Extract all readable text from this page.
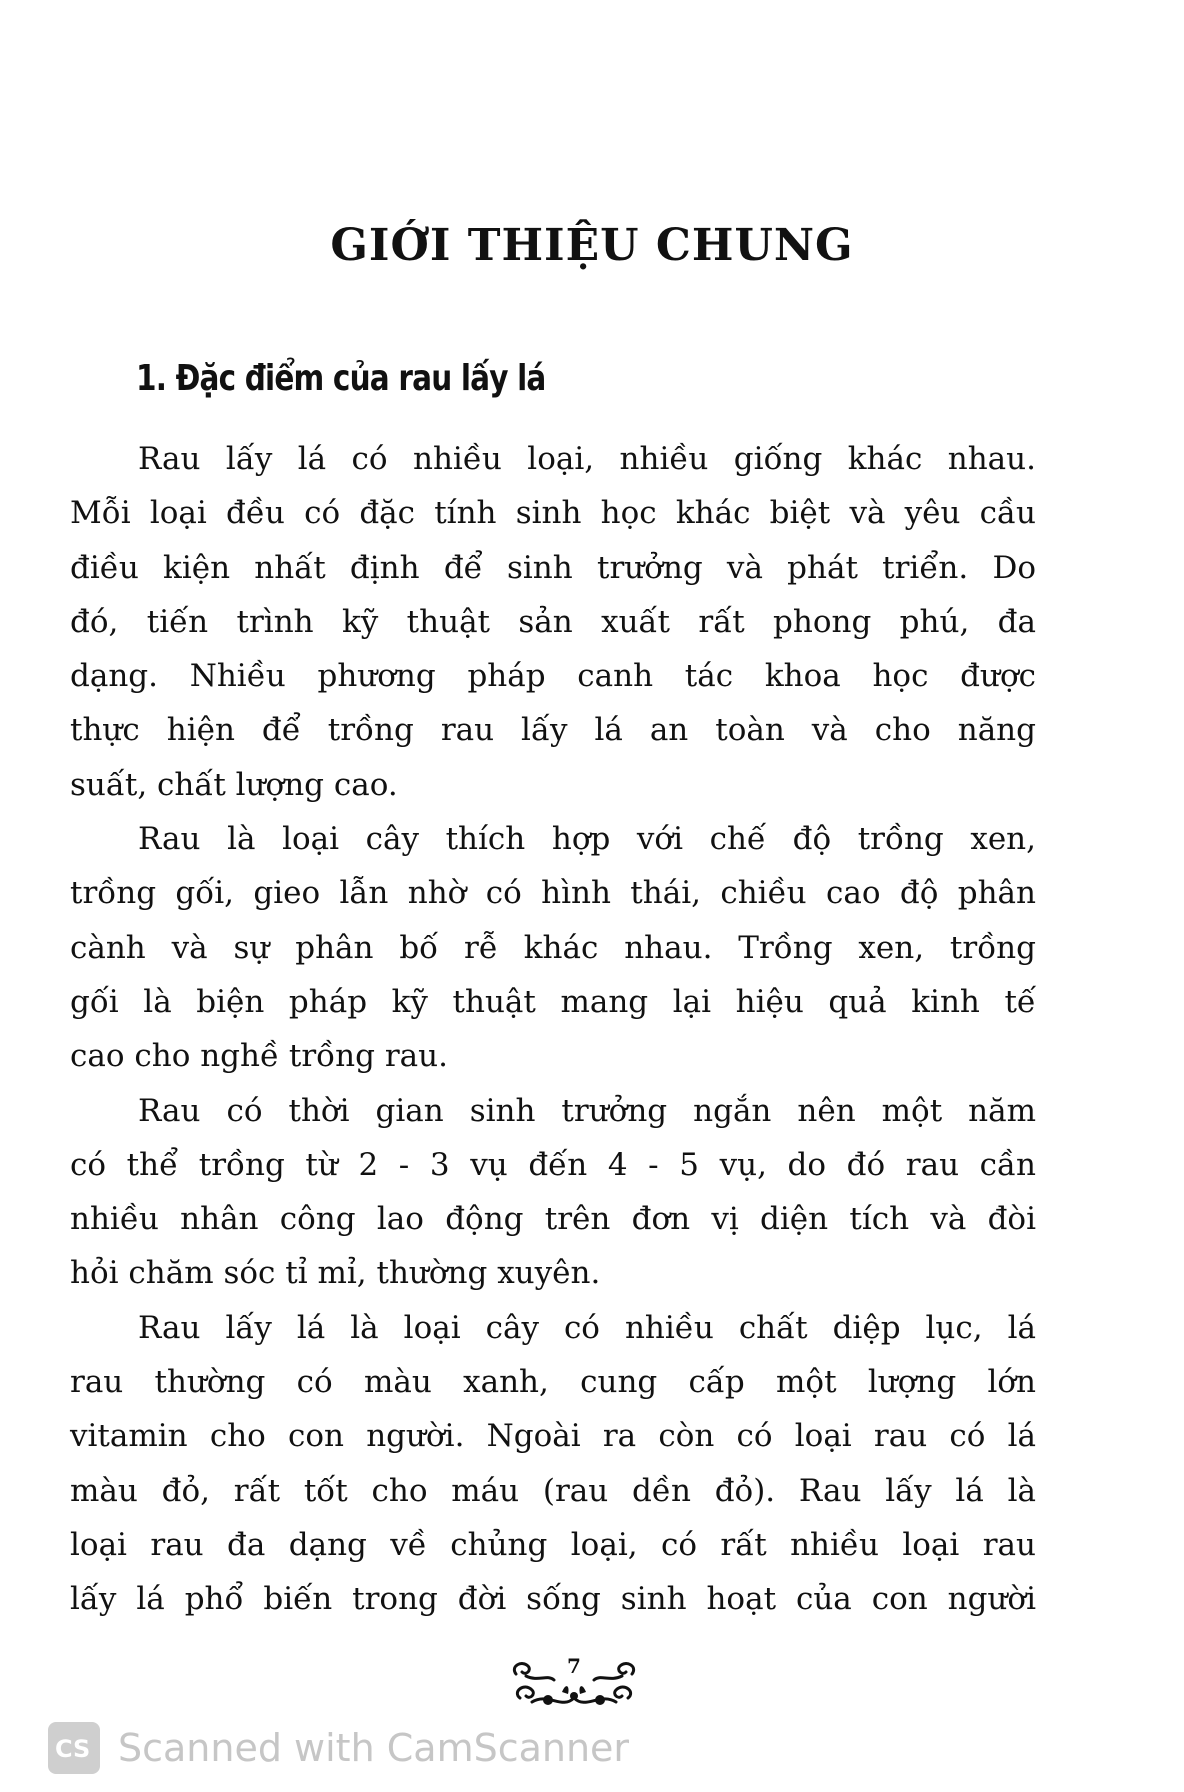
GIỚI THIỆU CHUNG
1. Đặc điểm của rau lấy lá
Rau lấy lá có nhiều loại, nhiều giống khác nhau.
Mỗi loại đều có đặc tính sinh học khác biệt và yêu cầu
điều kiện nhất định để sinh trưởng và phát triển. Do
đó, tiến trình kỹ thuật sản xuất rất phong phú, đa
dạng. Nhiều phương pháp canh tác khoa học được
thực hiện để trồng rau lấy lá an toàn và cho năng
suất, chất lượng cao.
Rau là loại cây thích hợp với chế độ trồng xen,
trồng gối, gieo lẫn nhờ có hình thái, chiều cao độ phân
cành và sự phân bố rễ khác nhau. Trồng xen, trồng
gối là biện pháp kỹ thuật mang lại hiệu quả kinh tế
cao cho nghề trồng rau.
Rau có thời gian sinh trưởng ngắn nên một năm
có thể trồng từ 2 - 3 vụ đến 4 - 5 vụ, do đó rau cần
nhiều nhân công lao động trên đơn vị diện tích và đòi
hỏi chăm sóc tỉ mỉ, thường xuyên.
Rau lấy lá là loại cây có nhiều chất diệp lục, lá
rau thường có màu xanh, cung cấp một lượng lớn
vitamin cho con người. Ngoài ra còn có loại rau có lá
màu đỏ, rất tốt cho máu (rau dền đỏ). Rau lấy lá là
loại rau đa dạng về chủng loại, có rất nhiều loại rau
lấy lá phổ biến trong đời sống sinh hoạt của con người
7
CS Scanned with CamScanner
